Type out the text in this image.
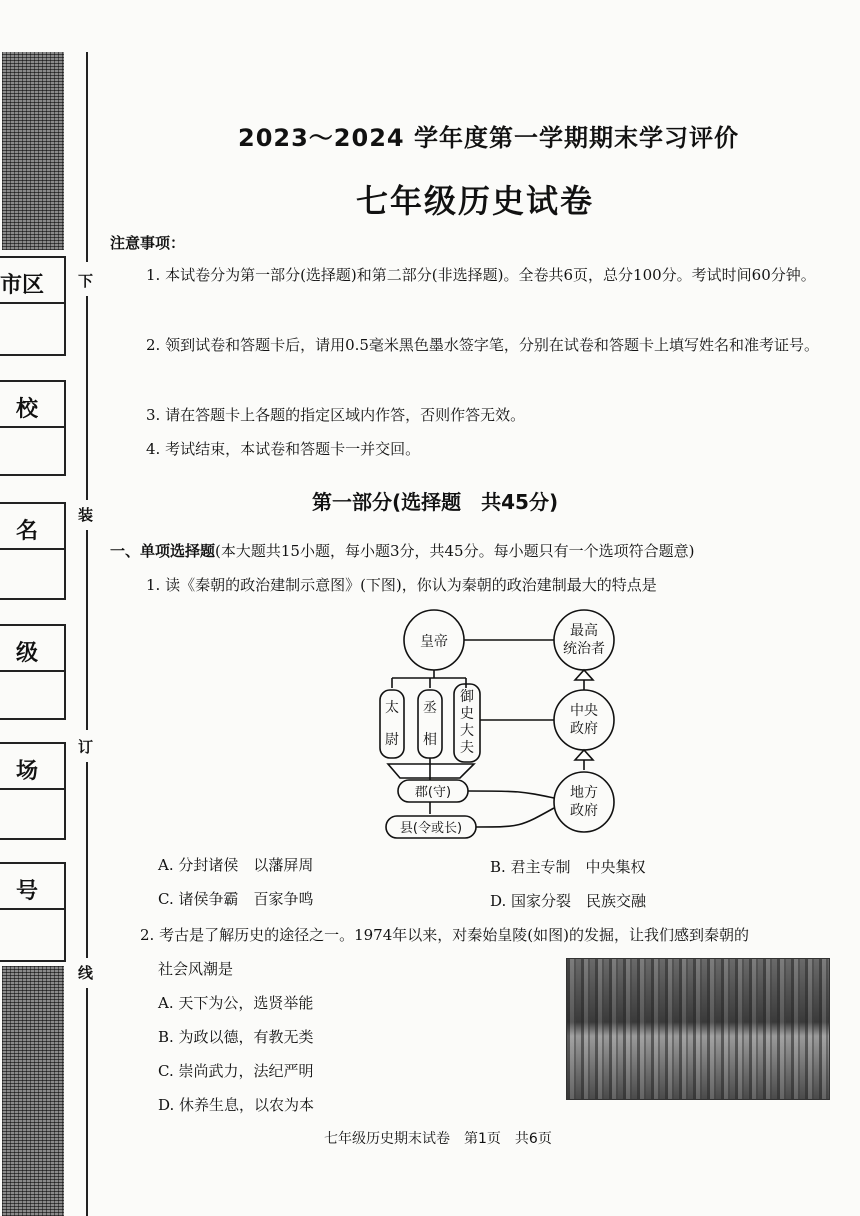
市区
校
名
级
场
号
下
装
订
线
2023～2024 学年度第一学期期末学习评价
七年级历史试卷
注意事项：
1. 本试卷分为第一部分(选择题)和第二部分(非选择题)。全卷共6页，总分100分。考试时间60分钟。
2. 领到试卷和答题卡后，请用0.5毫米黑色墨水签字笔，分别在试卷和答题卡上填写姓名和准考证号。
3. 请在答题卡上各题的指定区域内作答，否则作答无效。
4. 考试结束，本试卷和答题卡一并交回。
第一部分(选择题　共45分)
一、单项选择题(本大题共15小题，每小题3分，共45分。每小题只有一个选项符合题意)
1. 读《秦朝的政治建制示意图》(下图)，你认为秦朝的政治建制最大的特点是
皇帝
最高
统治者
太
尉
丞
相
御
史
大
夫
中央
政府
郡(守)
县(令或长)
地方
政府
A. 分封诸侯　以藩屏周	B. 君主专制　中央集权
C. 诸侯争霸　百家争鸣	D. 国家分裂　民族交融
2. 考古是了解历史的途径之一。1974年以来，对秦始皇陵(如图)的发掘，让我们感到秦朝的
社会风潮是
A. 天下为公，选贤举能
B. 为政以德，有教无类
C. 崇尚武力，法纪严明
D. 休养生息，以农为本
七年级历史期末试卷　第1页　共6页
